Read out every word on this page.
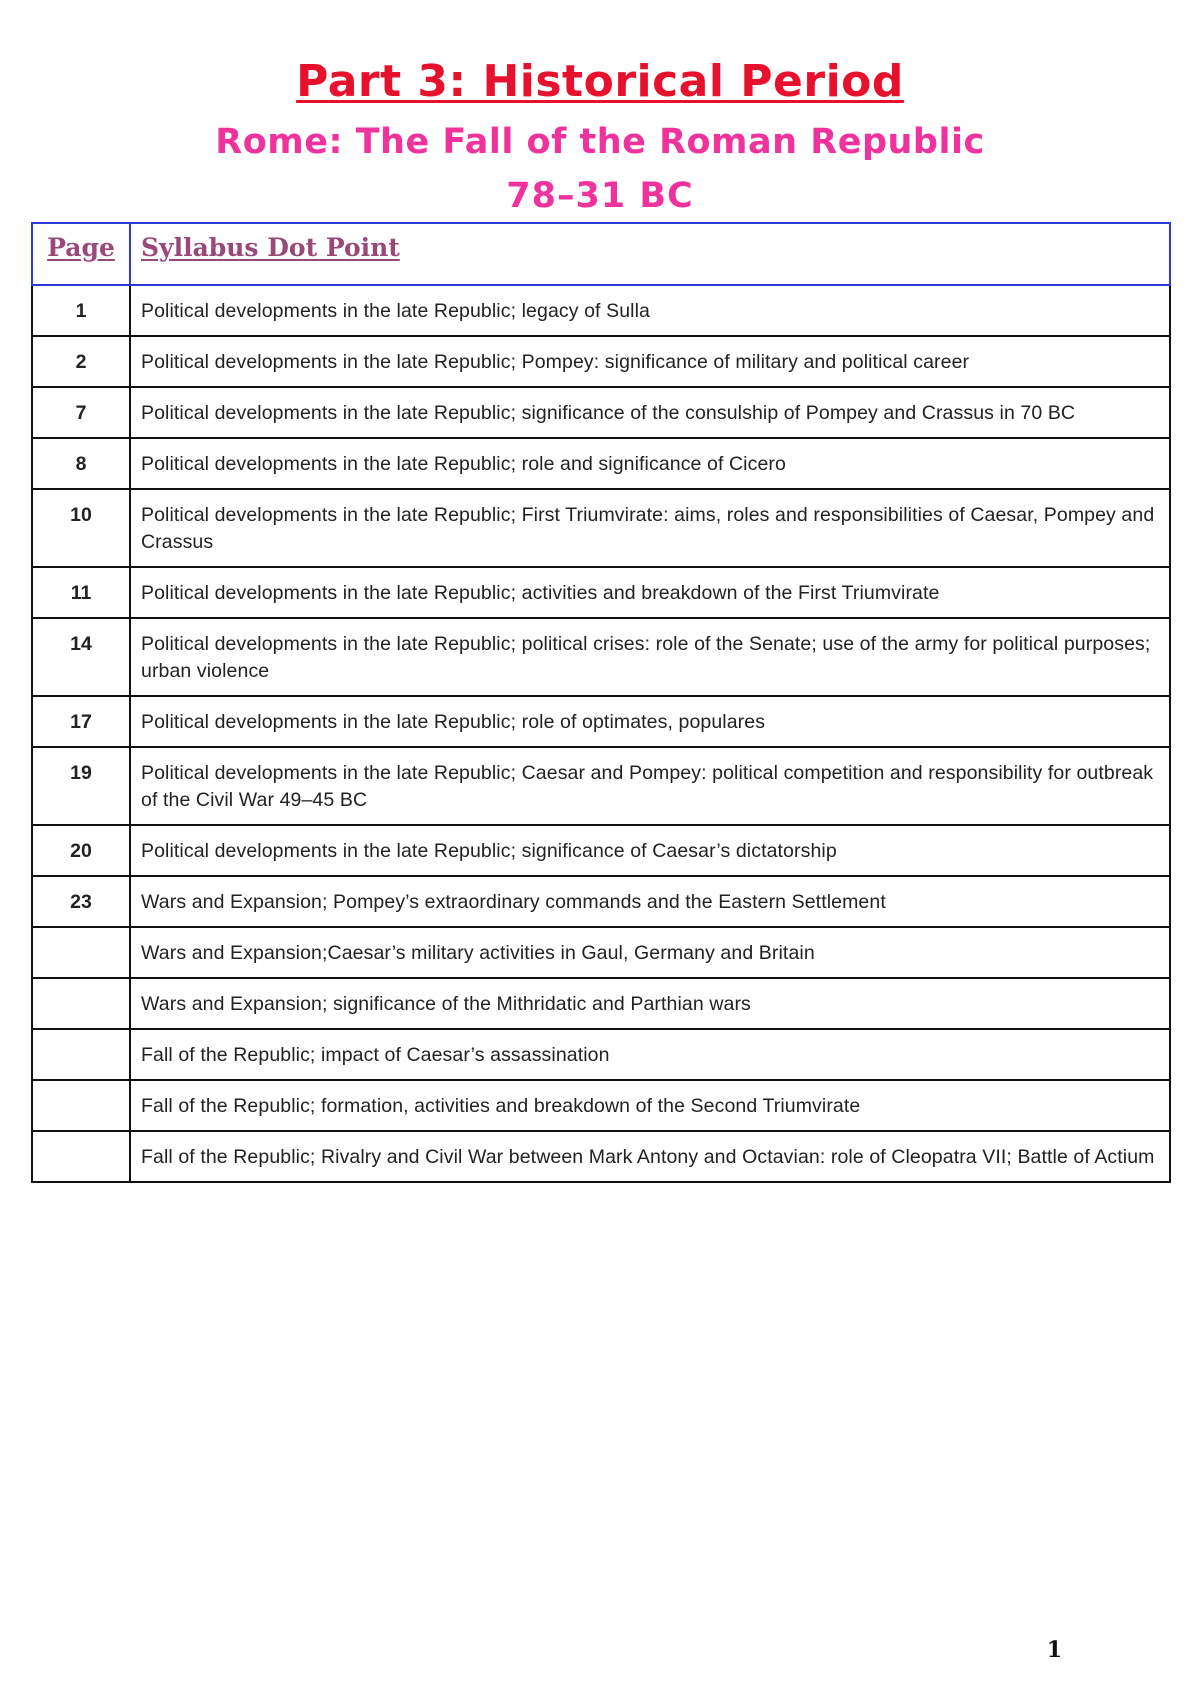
Part 3: Historical Period
Rome: The Fall of the Roman Republic
78–31 BC
Page	Syllabus Dot Point
1	Political developments in the late Republic; legacy of Sulla
2	Political developments in the late Republic; Pompey: significance of military and political career
7	Political developments in the late Republic; significance of the consulship of Pompey and Crassus in 70 BC
8	Political developments in the late Republic; role and significance of Cicero
10	Political developments in the late Republic; First Triumvirate: aims, roles and responsibilities of Caesar, Pompey and Crassus
11	Political developments in the late Republic; activities and breakdown of the First Triumvirate
14	Political developments in the late Republic; political crises: role of the Senate; use of the army for political purposes; urban violence
17	Political developments in the late Republic; role of optimates, populares
19	Political developments in the late Republic; Caesar and Pompey: political competition and responsibility for outbreak of the Civil War 49–45 BC
20	Political developments in the late Republic; significance of Caesar’s dictatorship
23	Wars and Expansion; Pompey’s extraordinary commands and the Eastern Settlement
	Wars and Expansion;Caesar’s military activities in Gaul, Germany and Britain
	Wars and Expansion; significance of the Mithridatic and Parthian wars
	Fall of the Republic; impact of Caesar’s assassination
	Fall of the Republic; formation, activities and breakdown of the Second Triumvirate
	Fall of the Republic; Rivalry and Civil War between Mark Antony and Octavian: role of Cleopatra VII; Battle of Actium
1
